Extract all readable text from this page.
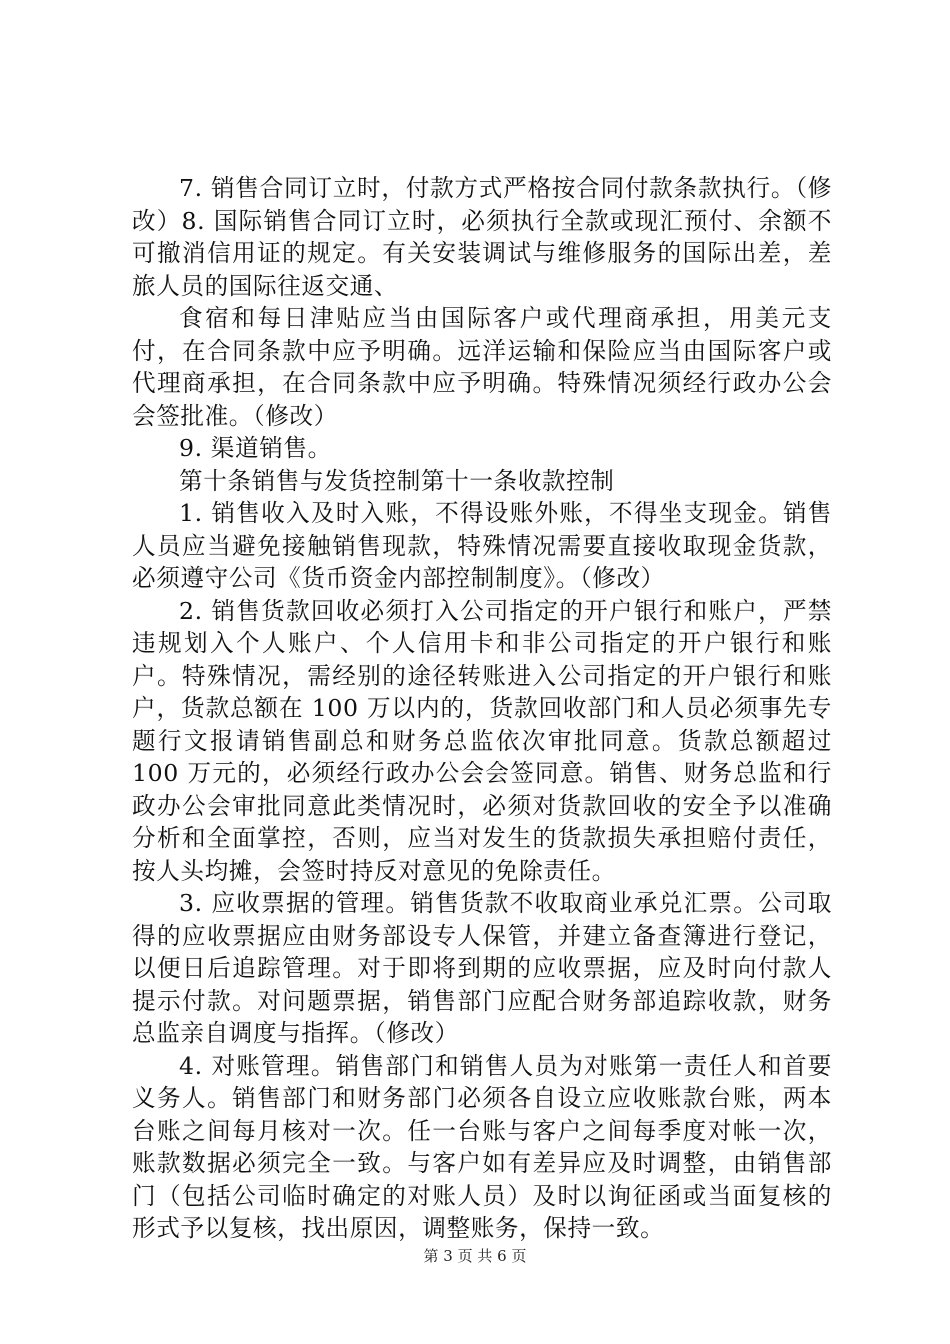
7. 销售合同订立时，付款方式严格按合同付款条款执行。（修改）8. 国际销售合同订立时，必须执行全款或现汇预付、余额不可撤消信用证的规定。有关安装调试与维修服务的国际出差，差旅人员的国际往返交通、

食宿和每日津贴应当由国际客户或代理商承担，用美元支付，在合同条款中应予明确。远洋运输和保险应当由国际客户或代理商承担，在合同条款中应予明确。特殊情况须经行政办公会会签批准。（修改）

9. 渠道销售。

第十条销售与发货控制第十一条收款控制

1. 销售收入及时入账，不得设账外账，不得坐支现金。销售人员应当避免接触销售现款，特殊情况需要直接收取现金货款，必须遵守公司《货币资金内部控制制度》。（修改）

2. 销售货款回收必须打入公司指定的开户银行和账户，严禁违规划入个人账户、个人信用卡和非公司指定的开户银行和账户。特殊情况，需经别的途径转账进入公司指定的开户银行和账户，货款总额在 100 万以内的，货款回收部门和人员必须事先专题行文报请销售副总和财务总监依次审批同意。货款总额超过 100 万元的，必须经行政办公会会签同意。销售、财务总监和行政办公会审批同意此类情况时，必须对货款回收的安全予以准确分析和全面掌控，否则，应当对发生的货款损失承担赔付责任，按人头均摊，会签时持反对意见的免除责任。

3. 应收票据的管理。销售货款不收取商业承兑汇票。公司取得的应收票据应由财务部设专人保管，并建立备查簿进行登记，以便日后追踪管理。对于即将到期的应收票据，应及时向付款人提示付款。对问题票据，销售部门应配合财务部追踪收款，财务总监亲自调度与指挥。（修改）

4. 对账管理。销售部门和销售人员为对账第一责任人和首要义务人。销售部门和财务部门必须各自设立应收账款台账，两本台账之间每月核对一次。任一台账与客户之间每季度对帐一次，账款数据必须完全一致。与客户如有差异应及时调整，由销售部门（包括公司临时确定的对账人员）及时以询征函或当面复核的形式予以复核，找出原因，调整账务，保持一致。

第 3 页 共 6 页
